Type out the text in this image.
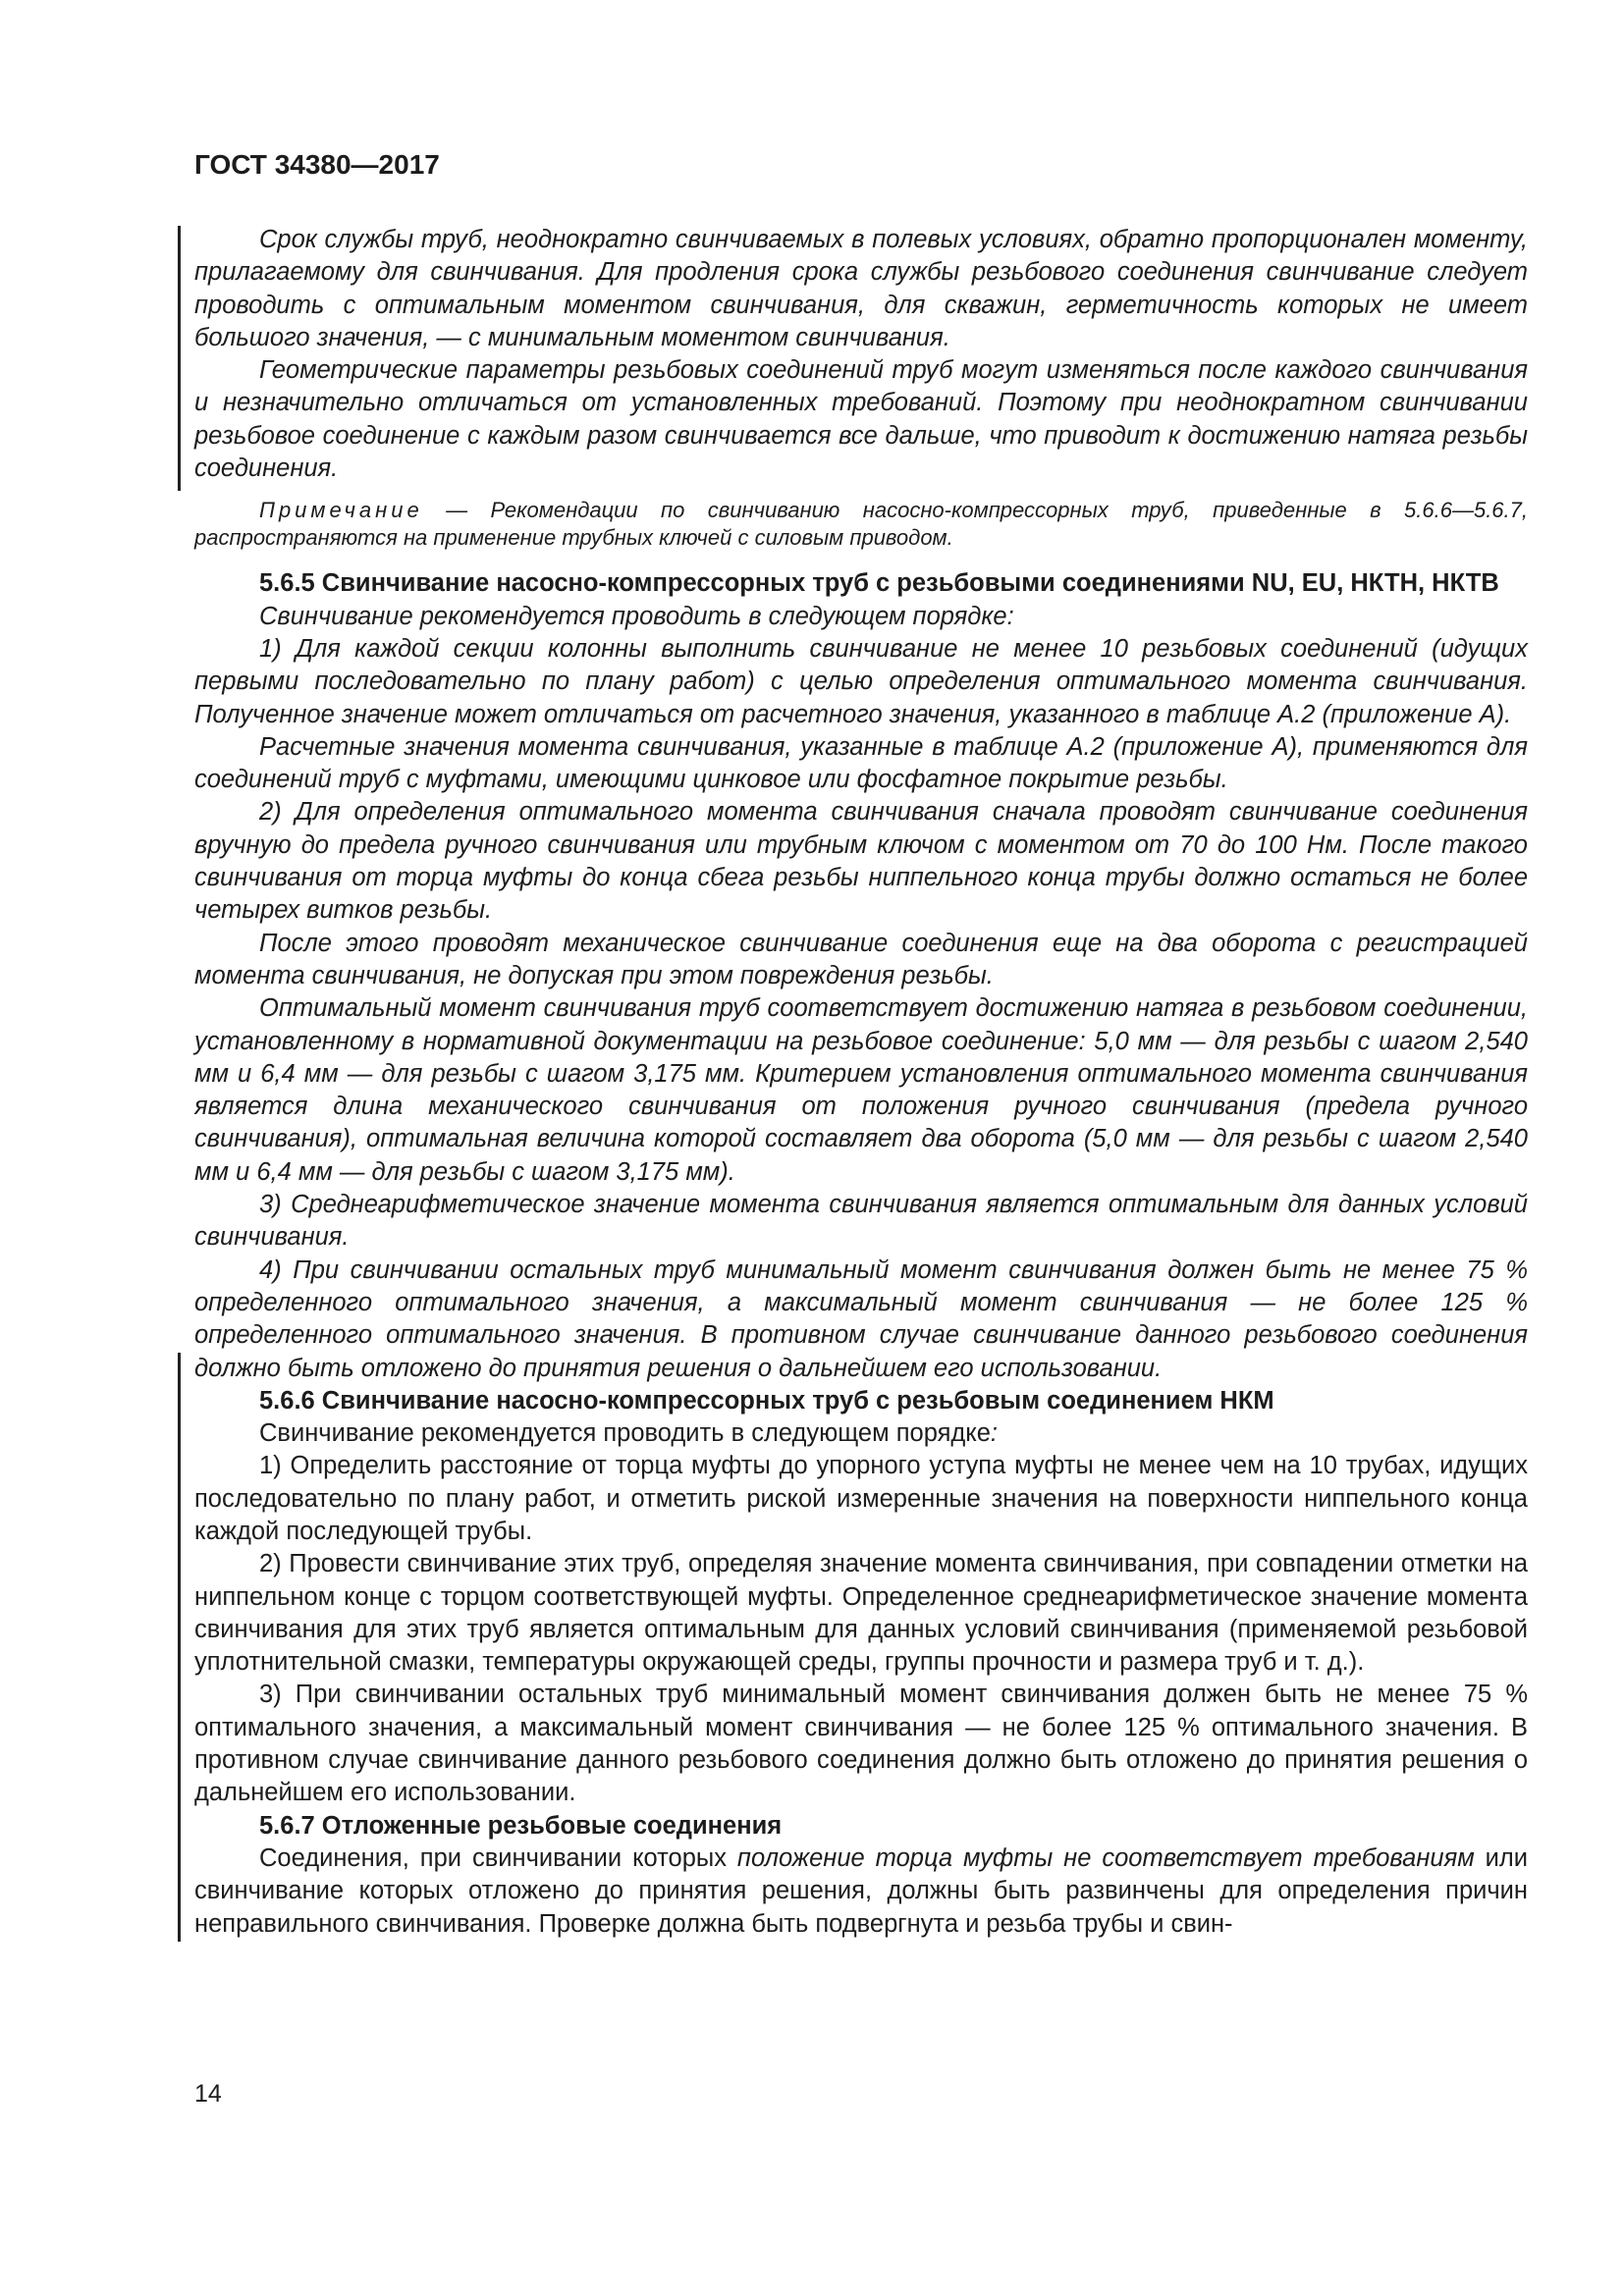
ГОСТ 34380—2017

Срок службы труб, неоднократно свинчиваемых в полевых условиях, обратно пропорционален моменту, прилагаемому для свинчивания. Для продления срока службы резьбового соединения свинчивание следует проводить с оптимальным моментом свинчивания, для скважин, герметичность которых не имеет большого значения, — с минимальным моментом свинчивания.

Геометрические параметры резьбовых соединений труб могут изменяться после каждого свинчивания и незначительно отличаться от установленных требований. Поэтому при неоднократном свинчивании резьбовое соединение с каждым разом свинчивается все дальше, что приводит к достижению натяга резьбы соединения.

Примечание — Рекомендации по свинчиванию насосно-компрессорных труб, приведенные в 5.6.6—5.6.7, распространяются на применение трубных ключей с силовым приводом.

5.6.5 Свинчивание насосно-компрессорных труб с резьбовыми соединениями NU, EU, НКТН, НКТВ

Свинчивание рекомендуется проводить в следующем порядке:

1) Для каждой секции колонны выполнить свинчивание не менее 10 резьбовых соединений (идущих первыми последовательно по плану работ) с целью определения оптимального момента свинчивания. Полученное значение может отличаться от расчетного значения, указанного в таблице А.2 (приложение А).

Расчетные значения момента свинчивания, указанные в таблице А.2 (приложение А), применяются для соединений труб с муфтами, имеющими цинковое или фосфатное покрытие резьбы.

2) Для определения оптимального момента свинчивания сначала проводят свинчивание соединения вручную до предела ручного свинчивания или трубным ключом с моментом от 70 до 100 Нм. После такого свинчивания от торца муфты до конца сбега резьбы ниппельного конца трубы должно остаться не более четырех витков резьбы.

После этого проводят механическое свинчивание соединения еще на два оборота с регистрацией момента свинчивания, не допуская при этом повреждения резьбы.

Оптимальный момент свинчивания труб соответствует достижению натяга в резьбовом соединении, установленному в нормативной документации на резьбовое соединение: 5,0 мм — для резьбы с шагом 2,540 мм и 6,4 мм — для резьбы с шагом 3,175 мм. Критерием установления оптимального момента свинчивания является длина механического свинчивания от положения ручного свинчивания (предела ручного свинчивания), оптимальная величина которой составляет два оборота (5,0 мм — для резьбы с шагом 2,540 мм и 6,4 мм — для резьбы с шагом 3,175 мм).

3) Среднеарифметическое значение момента свинчивания является оптимальным для данных условий свинчивания.

4) При свинчивании остальных труб минимальный момент свинчивания должен быть не менее 75 % определенного оптимального значения, а максимальный момент свинчивания — не более 125 % определенного оптимального значения. В противном случае свинчивание данного резьбового соединения должно быть отложено до принятия решения о дальнейшем его использовании.

5.6.6 Свинчивание насосно-компрессорных труб с резьбовым соединением НКМ

Свинчивание рекомендуется проводить в следующем порядке:

1) Определить расстояние от торца муфты до упорного уступа муфты не менее чем на 10 трубах, идущих последовательно по плану работ, и отметить риской измеренные значения на поверхности ниппельного конца каждой последующей трубы.

2) Провести свинчивание этих труб, определяя значение момента свинчивания, при совпадении отметки на ниппельном конце с торцом соответствующей муфты. Определенное среднеарифметическое значение момента свинчивания для этих труб является оптимальным для данных условий свинчивания (применяемой резьбовой уплотнительной смазки, температуры окружающей среды, группы прочности и размера труб и т. д.).

3) При свинчивании остальных труб минимальный момент свинчивания должен быть не менее 75 % оптимального значения, а максимальный момент свинчивания — не более 125 % оптимального значения. В противном случае свинчивание данного резьбового соединения должно быть отложено до принятия решения о дальнейшем его использовании.

5.6.7 Отложенные резьбовые соединения

Соединения, при свинчивании которых положение торца муфты не соответствует требованиям или свинчивание которых отложено до принятия решения, должны быть развинчены для определения причин неправильного свинчивания. Проверке должна быть подвергнута и резьба трубы и свин-

14
